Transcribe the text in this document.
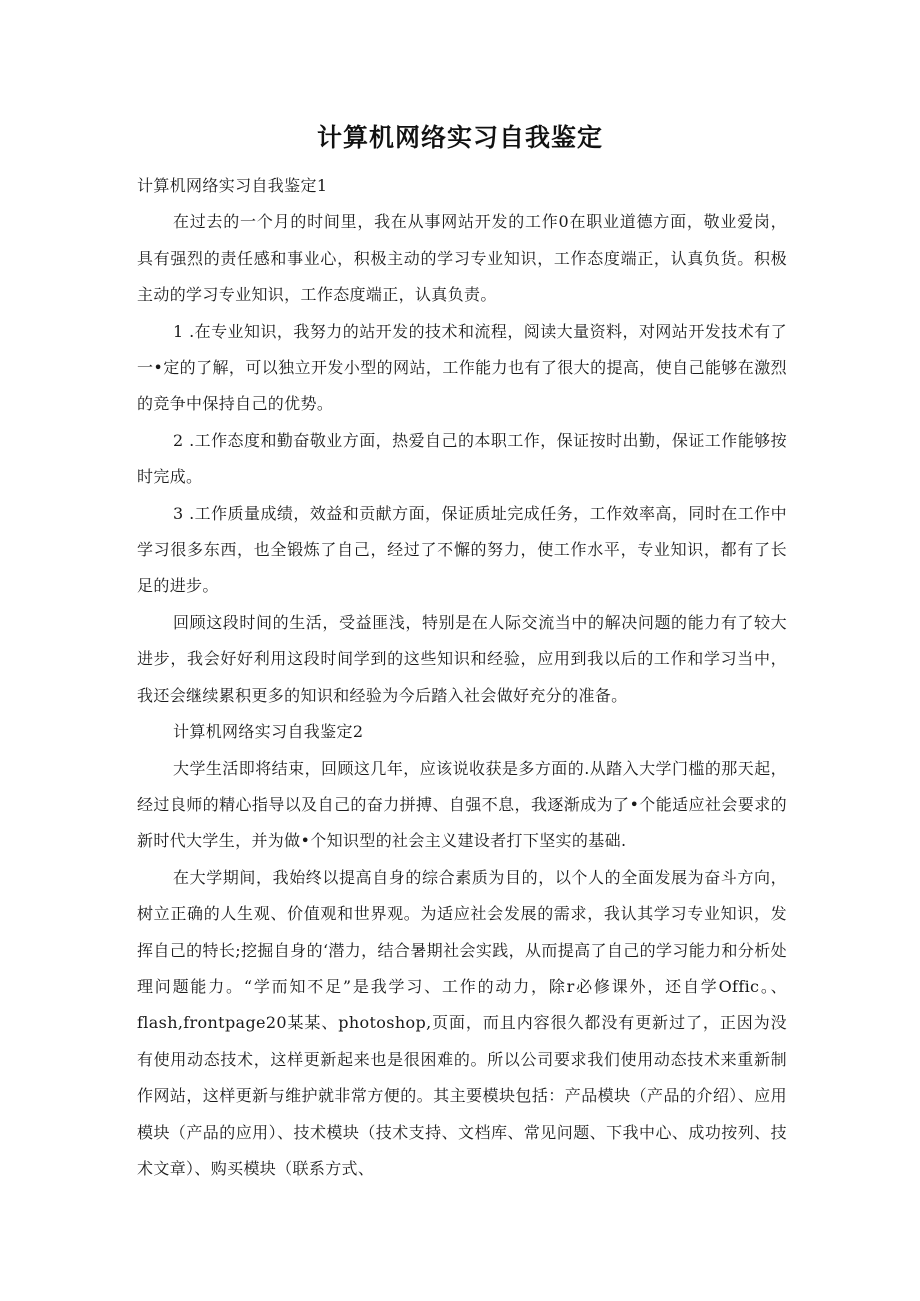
计算机网络实习自我鉴定

计算机网络实习自我鉴定1

在过去的一个月的时间里，我在从事网站开发的工作0在职业道德方面，敬业爱岗，具有强烈的责任感和事业心，积极主动的学习专业知识，工作态度端正，认真负货。积极主动的学习专业知识，工作态度端正，认真负责。

1 .在专业知识，我努力的站开发的技术和流程，阅读大量资料，对网站开发技术有了一•定的了解，可以独立开发小型的网站，工作能力也有了很大的提高，使自己能够在激烈的竞争中保持自己的优势。

2 .工作态度和勤奋敬业方面，热爱自己的本职工作，保证按时出勤，保证工作能够按时完成。

3 .工作质量成绩，效益和贡献方面，保证质址完成任务，工作效率高，同时在工作中学习很多东西，也全锻炼了自己，经过了不懈的努力，使工作水平，专业知识，都有了长足的进步。

回顾这段时间的生活，受益匪浅，特别是在人际交流当中的解决问题的能力有了较大进步，我会好好利用这段时间学到的这些知识和经验，应用到我以后的工作和学习当中，我还会继续累积更多的知识和经验为今后踏入社会做好充分的准备。

计算机网络实习自我鉴定2

大学生活即将结束，回顾这几年，应该说收获是多方面的.从踏入大学门槛的那天起，经过良师的精心指导以及自己的奋力拼搏、自强不息，我逐渐成为了•个能适应社会要求的新时代大学生，并为做•个知识型的社会主义建设者打下坚实的基础.

在大学期间，我始终以提高自身的综合素质为目的，以个人的全面发展为奋斗方向，树立正确的人生观、价值观和世界观。为适应社会发展的需求，我认其学习专业知识，发挥自己的特长;挖掘自身的‘潜力，结合暑期社会实践，从而提高了自己的学习能力和分析处理问题能力。“学而知不足”是我学习、工作的动力，除r必修课外，还自学Offic。、flash,frontpage20某某、photoshop,页面，而且内容很久都没有更新过了，正因为没有使用动态技术，这样更新起来也是很困难的。所以公司要求我们使用动态技术来重新制作网站，这样更新与维护就非常方便的。其主要模块包括：产品模块（产品的介绍）、应用模块（产品的应用）、技术模块（技术支持、文档库、常见问题、下我中心、成功按列、技术文章）、购买模块（联系方式、
